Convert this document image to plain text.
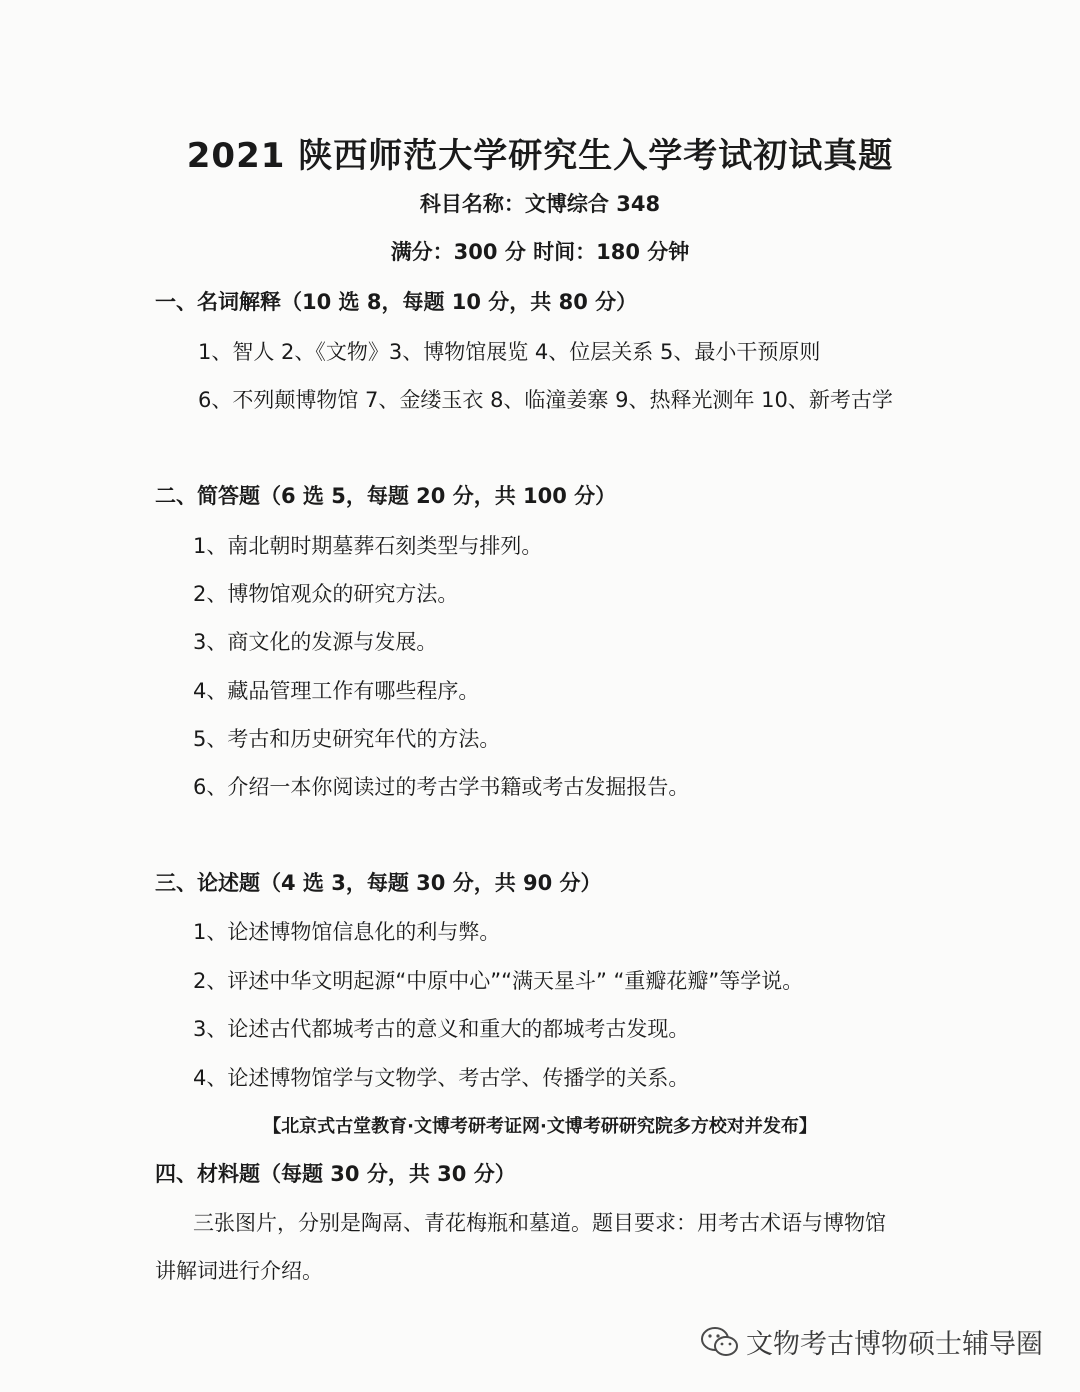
2021 陕西师范大学研究生入学考试初试真题
科目名称：文博综合 348
满分：300 分 时间：180 分钟
一、名词解释（10 选 8，每题 10 分，共 80 分）
1、智人 2、《文物》3、博物馆展览 4、位层关系 5、最小干预原则
6、不列颠博物馆 7、金缕玉衣 8、临潼姜寨 9、热释光测年 10、新考古学
二、简答题（6 选 5，每题 20 分，共 100 分）
1、南北朝时期墓葬石刻类型与排列。
2、博物馆观众的研究方法。
3、商文化的发源与发展。
4、藏品管理工作有哪些程序。
5、考古和历史研究年代的方法。
6、介绍一本你阅读过的考古学书籍或考古发掘报告。
三、论述题（4 选 3，每题 30 分，共 90 分）
1、论述博物馆信息化的利与弊。
2、评述中华文明起源“中原中心”“满天星斗” “重瓣花瓣”等学说。
3、论述古代都城考古的意义和重大的都城考古发现。
4、论述博物馆学与文物学、考古学、传播学的关系。
【北京式古堂教育·文博考研考证网·文博考研研究院多方校对并发布】
四、材料题（每题 30 分，共 30 分）
三张图片，分别是陶鬲、青花梅瓶和墓道。题目要求：用考古术语与博物馆
讲解词进行介绍。
文物考古博物硕士辅导圈
